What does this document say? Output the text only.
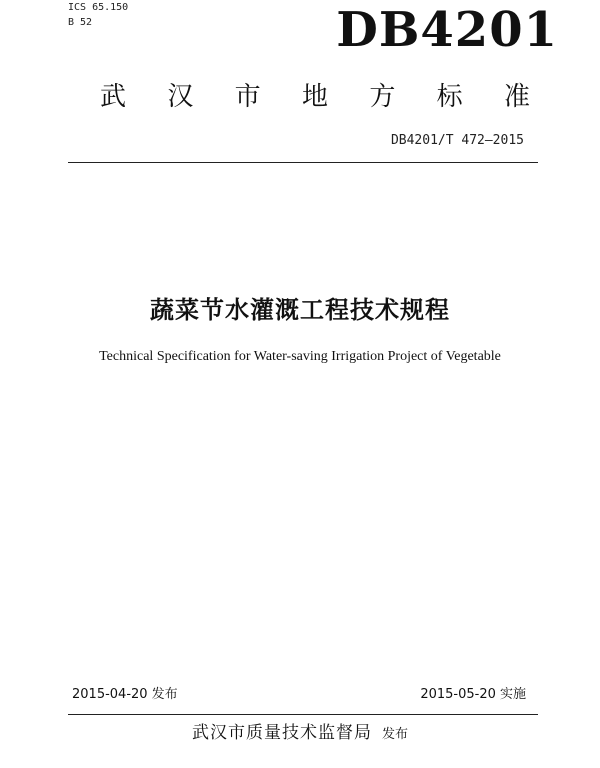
ICS 65.150
B 52	DB4201
武 汉 市 地 方 标 准
DB4201/T 472—2015
蔬菜节水灌溉工程技术规程
Technical Specification for Water-saving Irrigation Project of Vegetable
2015-04-20 发布	2015-05-20 实施
武汉市质量技术监督局 发布
